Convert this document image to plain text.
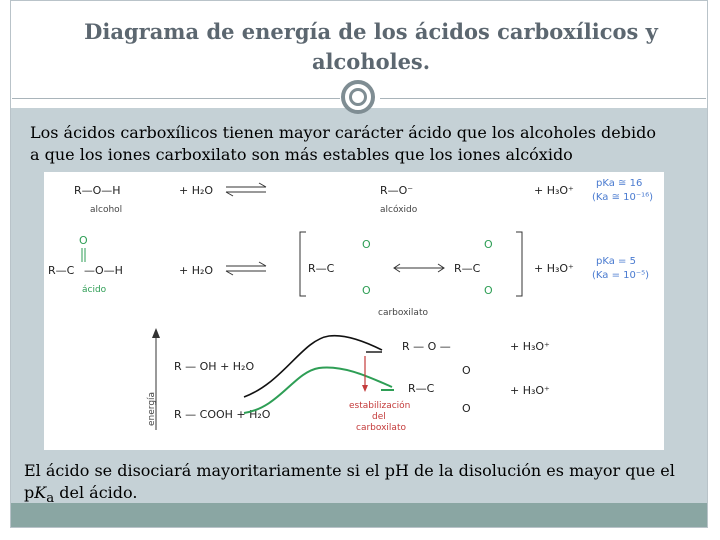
Diagrama de energía de los ácidos carboxílicos y alcoholes.

Los ácidos carboxílicos tienen mayor carácter ácido que los alcoholes debido a que los iones carboxilato son más estables que los iones alcóxido

R—O—H	+ H₂O	R—O⁻	+ H₃O⁺
alcohol	alcóxido
pKa ≅ 16
(Ka ≅ 10⁻¹⁶)
O
R—C —O—H	+ H₂O
ácido
R—C
O
O
R—C
O
O
+ H₃O⁺
carboxilato
pKa = 5
(Ka = 10⁻⁵)
energía
R — OH + H₂O
R — COOH + H₂O
estabilización
del
carboxilato
R — O —	+ H₃O⁺
R—C
O
O
+ H₃O⁺

El ácido se disociará mayoritariamente si el pH de la disolución es mayor que el $pK_a$ del ácido.
